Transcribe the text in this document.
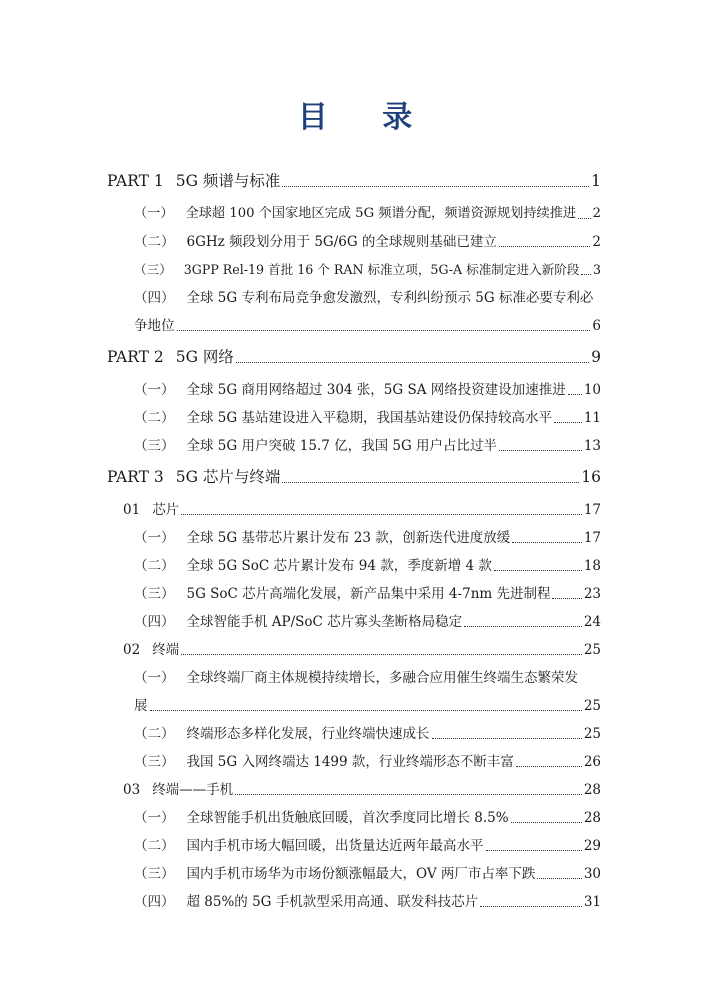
目 录
PART 1 5G 频谱与标准	1
（一） 全球超 100 个国家地区完成 5G 频谱分配，频谱资源规划持续推进 2
（二） 6GHz 频段划分用于 5G/6G 的全球规则基础已建立	2
（三） 3GPP Rel-19 首批 16 个 RAN 标准立项，5G-A 标准制定进入新阶段 3
（四） 全球 5G 专利布局竞争愈发激烈，专利纠纷预示 5G 标准必要专利必
争地位	6
PART 2 5G 网络	9
（一） 全球 5G 商用网络超过 304 张，5G SA 网络投资建设加速推进 10
（二） 全球 5G 基站建设进入平稳期，我国基站建设仍保持较高水平 11
（三） 全球 5G 用户突破 15.7 亿，我国 5G 用户占比过半	13
PART 3 5G 芯片与终端	16
01 芯片	17
（一） 全球 5G 基带芯片累计发布 23 款，创新迭代进度放缓	17
（二） 全球 5G SoC 芯片累计发布 94 款，季度新增 4 款	18
（三） 5G SoC 芯片高端化发展，新产品集中采用 4-7nm 先进制程 23
（四） 全球智能手机 AP/SoC 芯片寡头垄断格局稳定	24
02 终端	25
（一） 全球终端厂商主体规模持续增长，多融合应用催生终端生态繁荣发
展	25
（二） 终端形态多样化发展，行业终端快速成长	25
（三） 我国 5G 入网终端达 1499 款，行业终端形态不断丰富	26
03 终端——手机	28
（一） 全球智能手机出货触底回暖，首次季度同比增长 8.5%	28
（二） 国内手机市场大幅回暖，出货量达近两年最高水平	29
（三） 国内手机市场华为市场份额涨幅最大，OV 两厂市占率下跌	30
（四） 超 85%的 5G 手机款型采用高通、联发科技芯片	31
